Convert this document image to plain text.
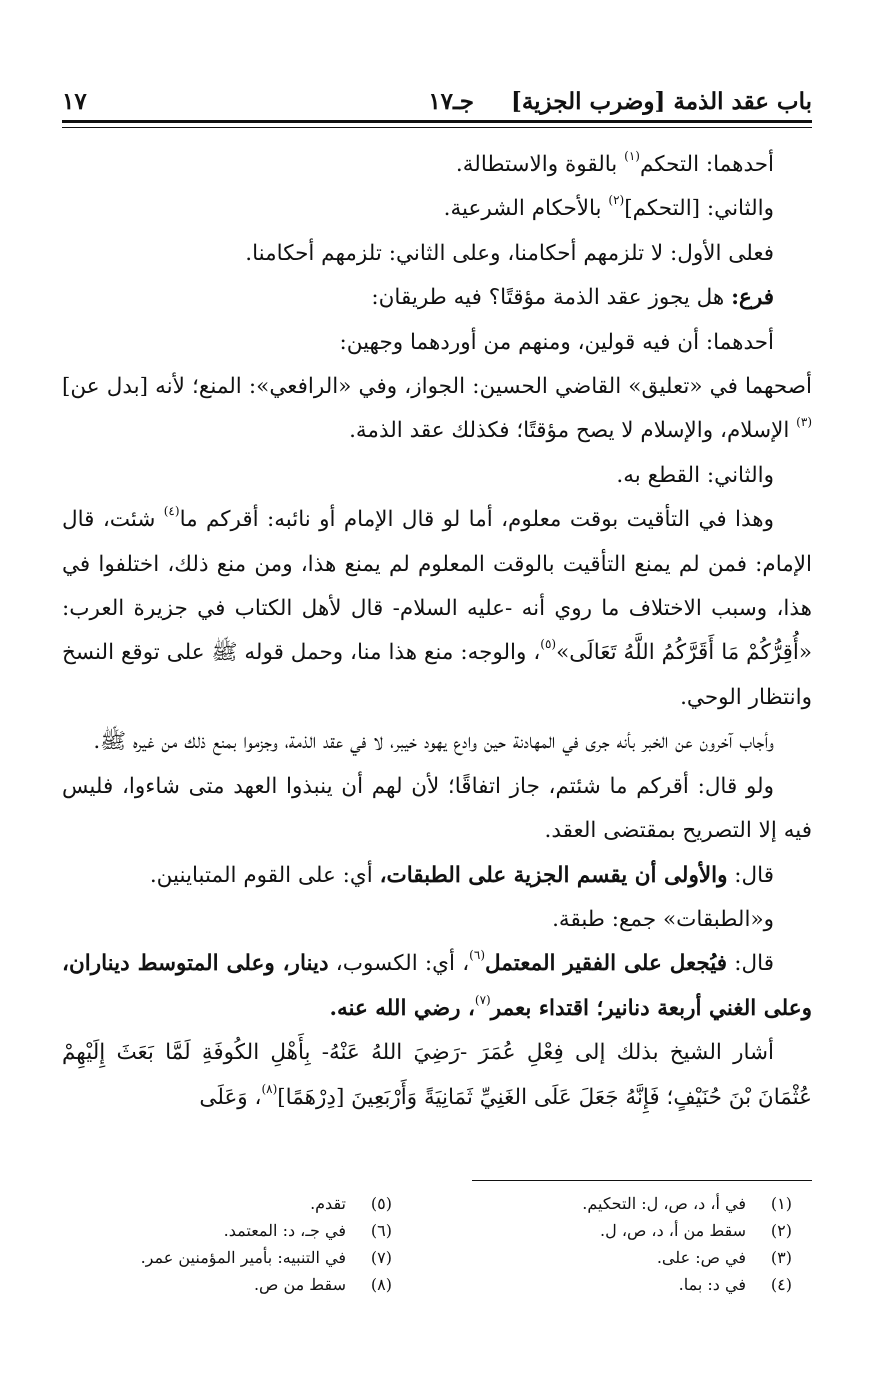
باب عقد الذمة [وضرب الجزية]
جـ١٧
١٧

أحدهما: التحكم$^{(١)}$ بالقوة والاستطالة.

والثاني: [التحكم]$^{(٢)}$ بالأحكام الشرعية.

فعلى الأول: لا تلزمهم أحكامنا، وعلى الثاني: تلزمهم أحكامنا.

فرع: هل يجوز عقد الذمة مؤقتًا؟ فيه طريقان:

أحدهما: أن فيه قولين، ومنهم من أوردهما وجهين:

أصحهما في «تعليق» القاضي الحسين: الجواز، وفي «الرافعي»: المنع؛ لأنه [بدل عن]$^{(٣)}$ الإسلام، والإسلام لا يصح مؤقتًا؛ فكذلك عقد الذمة.

والثاني: القطع به.

وهذا في التأقيت بوقت معلوم، أما لو قال الإمام أو نائبه: أقركم ما$^{(٤)}$ شئت، قال الإمام: فمن لم يمنع التأقيت بالوقت المعلوم لم يمنع هذا، ومن منع ذلك، اختلفوا في هذا، وسبب الاختلاف ما روي أنه -عليه السلام- قال لأهل الكتاب في جزيرة العرب: «أُقِرُّكُمْ مَا أَقَرَّكُمُ اللَّهُ تَعَالَى»$^{(٥)}$، والوجه: منع هذا منا، وحمل قوله ﷺ على توقع النسخ وانتظار الوحي.

وأجاب آخرون عن الخبر بأنه جرى في المهادنة حين وادع يهود خيبر، لا في عقد الذمة، وجزموا بمنع ذلك من غيره ﷺ.

ولو قال: أقركم ما شئتم، جاز اتفاقًا؛ لأن لهم أن ينبذوا العهد متى شاءوا، فليس فيه إلا التصريح بمقتضى العقد.

قال: والأولى أن يقسم الجزية على الطبقات، أي: على القوم المتباينين.

و«الطبقات» جمع: طبقة.

قال: فيُجعل على الفقير المعتمل$^{(٦)}$، أي: الكسوب، دينار، وعلى المتوسط ديناران، وعلى الغني أربعة دنانير؛ اقتداء بعمر$^{(٧)}$، رضي الله عنه.

أشار الشيخ بذلك إلى فِعْلِ عُمَرَ -رَضِيَ اللهُ عَنْهُ- بِأَهْلِ الكُوفَةِ لَمَّا بَعَثَ إِلَيْهِمْ عُثْمَانَ بْنَ حُنَيْفٍ؛ فَإِنَّهُ جَعَلَ عَلَى الغَنِيِّ ثَمَانِيَةً وَأَرْبَعِينَ [دِرْهَمًا]$^{(٨)}$، وَعَلَى

(١)في أ، د، ص، ل: التحكيم.
(٢)سقط من أ، د، ص، ل.
(٣)في ص: على.
(٤)في د: بما.
(٥)تقدم.
(٦)في جـ، د: المعتمد.
(٧)في التنبيه: بأمير المؤمنين عمر.
(٨)سقط من ص.
